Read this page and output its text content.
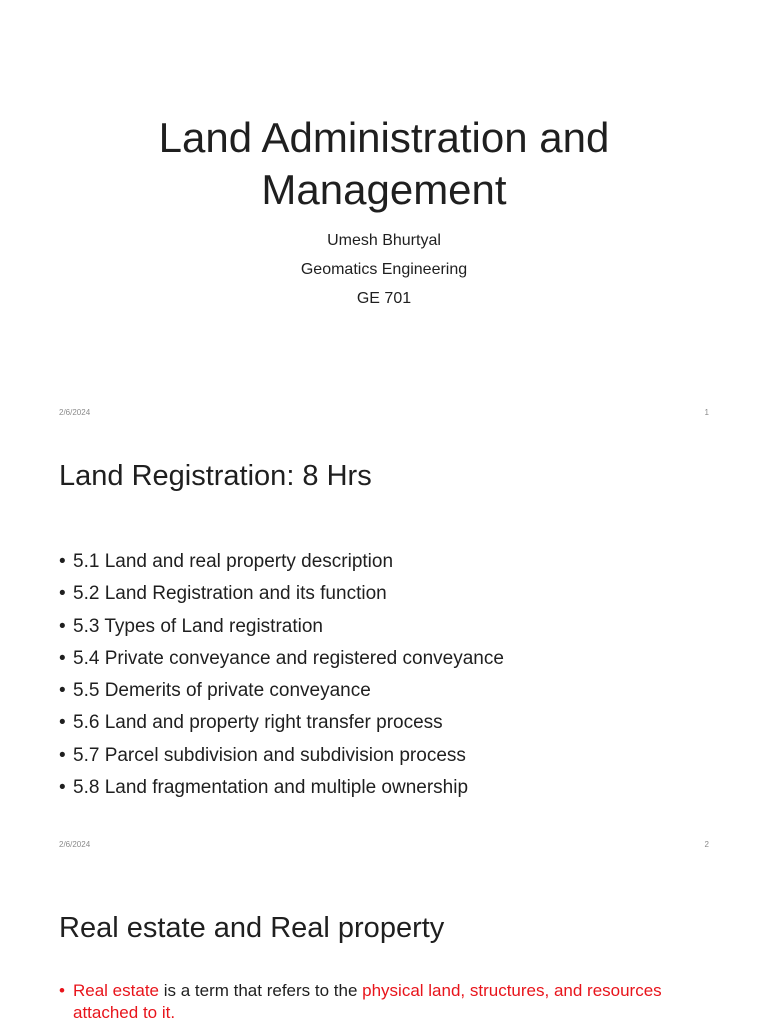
Land Administration and
Management
Umesh Bhurtyal
Geomatics Engineering
GE 701
2/6/2024	1
Land Registration: 8 Hrs
• 5.1 Land and real property description
• 5.2 Land Registration and its function
• 5.3 Types of Land registration
• 5.4 Private conveyance and registered conveyance
• 5.5 Demerits of private conveyance
• 5.6 Land and property right transfer process
• 5.7 Parcel subdivision and subdivision process
• 5.8 Land fragmentation and multiple ownership
2/6/2024	2
Real estate and Real property
• Real estate is a term that refers to the physical land, structures, and resources attached to it.
